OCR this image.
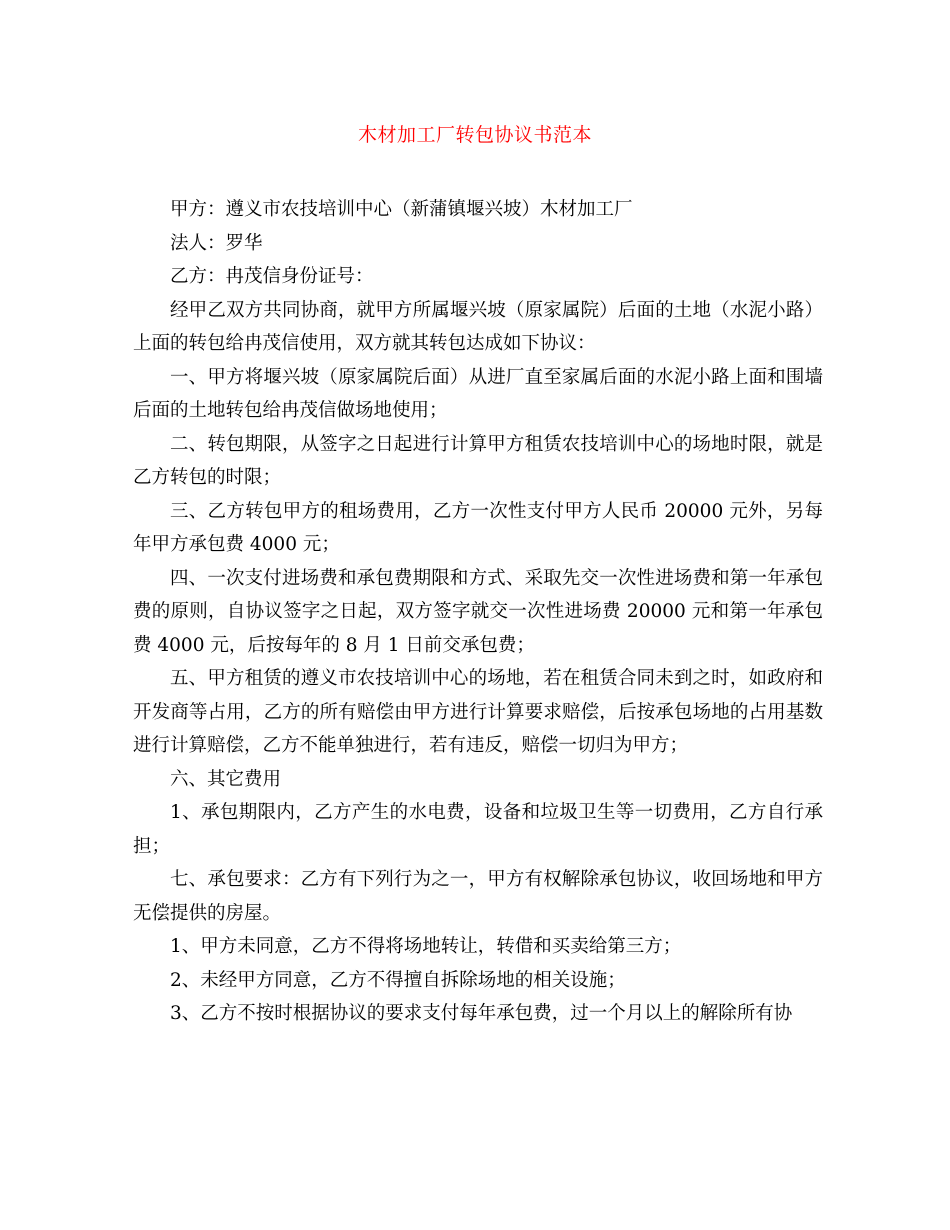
木材加工厂转包协议书范本

甲方：遵义市农技培训中心（新蒲镇堰兴坡）木材加工厂

法人：罗华

乙方：冉茂信身份证号：

经甲乙双方共同协商，就甲方所属堰兴坡（原家属院）后面的土地（水泥小路）上面的转包给冉茂信使用，双方就其转包达成如下协议：

一、甲方将堰兴坡（原家属院后面）从进厂直至家属后面的水泥小路上面和围墙后面的土地转包给冉茂信做场地使用；

二、转包期限，从签字之日起进行计算甲方租赁农技培训中心的场地时限，就是乙方转包的时限；

三、乙方转包甲方的租场费用，乙方一次性支付甲方人民币 20000 元外，另每年甲方承包费 4000 元；

四、一次支付进场费和承包费期限和方式、采取先交一次性进场费和第一年承包费的原则，自协议签字之日起，双方签字就交一次性进场费 20000 元和第一年承包费 4000 元，后按每年的 8 月 1 日前交承包费；

五、甲方租赁的遵义市农技培训中心的场地，若在租赁合同未到之时，如政府和开发商等占用，乙方的所有赔偿由甲方进行计算要求赔偿，后按承包场地的占用基数进行计算赔偿，乙方不能单独进行，若有违反，赔偿一切归为甲方；

六、其它费用

1、承包期限内，乙方产生的水电费，设备和垃圾卫生等一切费用，乙方自行承担；

七、承包要求：乙方有下列行为之一，甲方有权解除承包协议，收回场地和甲方无偿提供的房屋。

1、甲方未同意，乙方不得将场地转让，转借和买卖给第三方；

2、未经甲方同意，乙方不得擅自拆除场地的相关设施；

3、乙方不按时根据协议的要求支付每年承包费，过一个月以上的解除所有协
